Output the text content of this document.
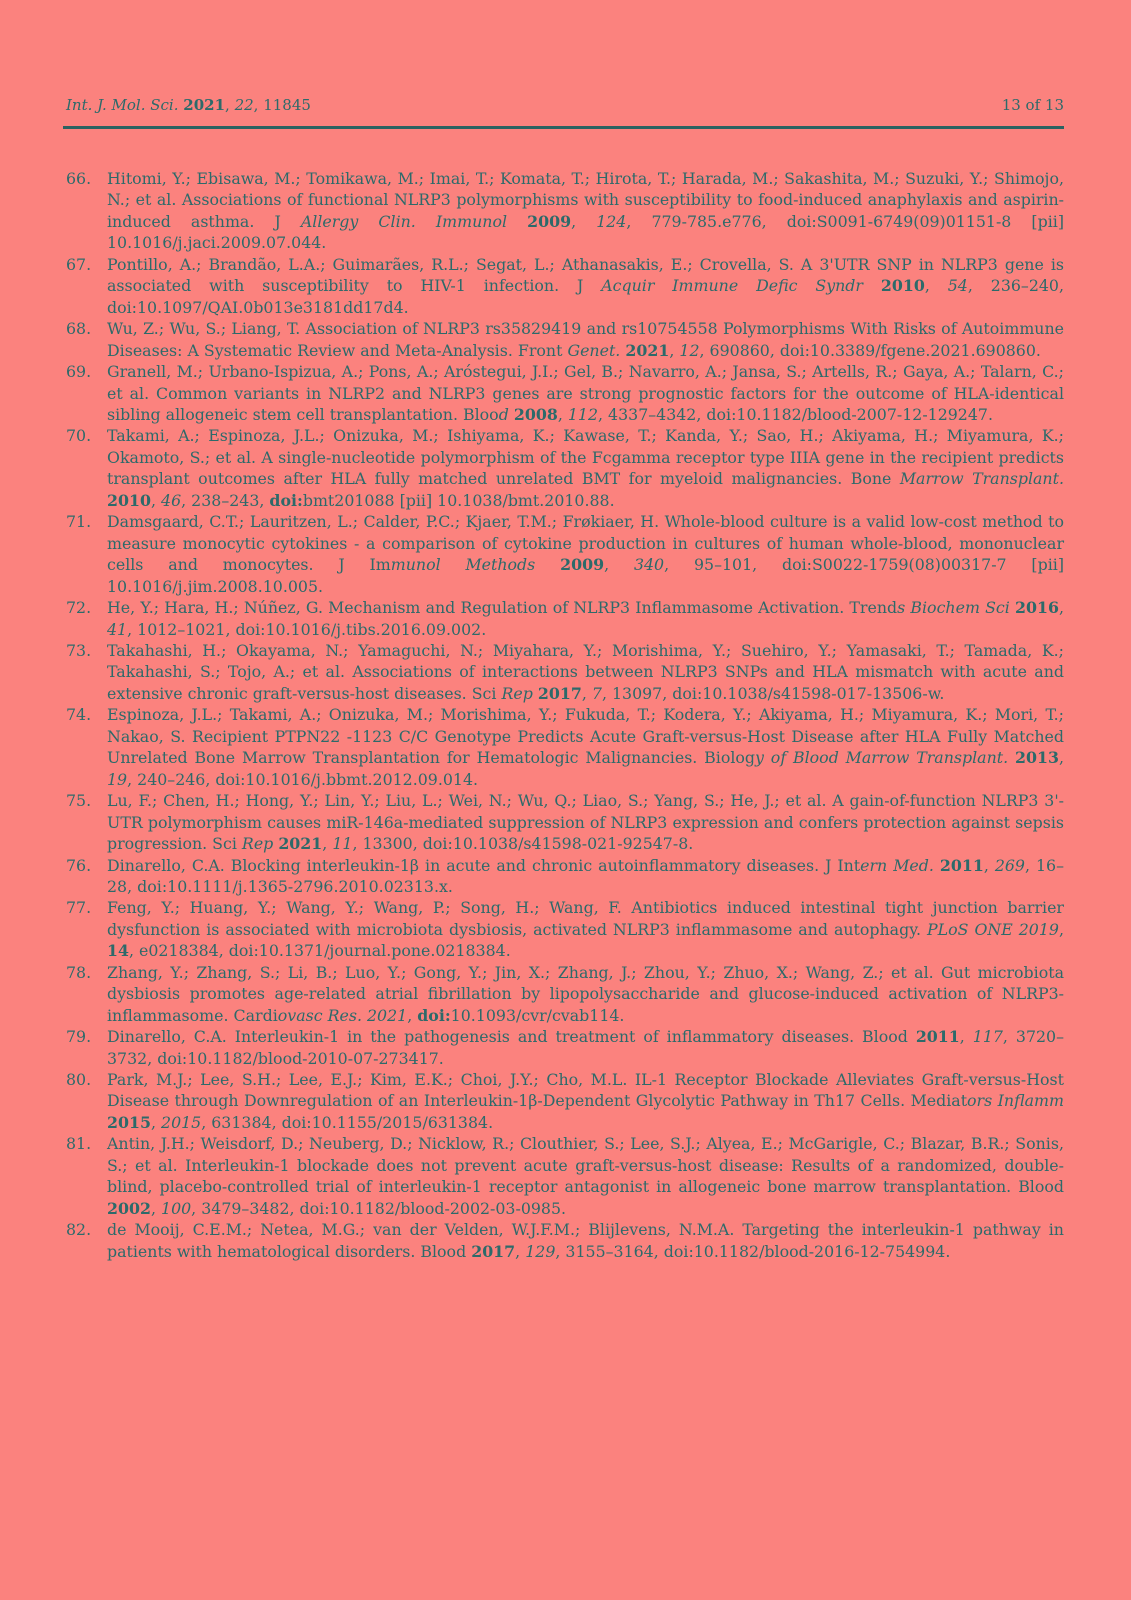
Int. J. Mol. Sci. 2021, 22, 11845	13 of 13
66. Hitomi, Y.; Ebisawa, M.; Tomikawa, M.; Imai, T.; Komata, T.; Hirota, T.; Harada, M.; Sakashita, M.; Suzuki, Y.; Shimojo, N.; et al. Associations of functional NLRP3 polymorphisms with susceptibility to food-induced anaphylaxis and aspirin-induced asthma. J Allergy Clin. Immunol 2009, 124, 779-785.e776, doi:S0091-6749(09)01151-8 [pii] 10.1016/j.jaci.2009.07.044.
67. Pontillo, A.; Brandão, L.A.; Guimarães, R.L.; Segat, L.; Athanasakis, E.; Crovella, S. A 3'UTR SNP in NLRP3 gene is associated with susceptibility to HIV-1 infection. J Acquir Immune Defic Syndr 2010, 54, 236–240, doi:10.1097/QAI.0b013e3181dd17d4.
68. Wu, Z.; Wu, S.; Liang, T. Association of NLRP3 rs35829419 and rs10754558 Polymorphisms With Risks of Autoimmune Diseases: A Systematic Review and Meta-Analysis. Front Genet. 2021, 12, 690860, doi:10.3389/fgene.2021.690860.
69. Granell, M.; Urbano-Ispizua, A.; Pons, A.; Aróstegui, J.I.; Gel, B.; Navarro, A.; Jansa, S.; Artells, R.; Gaya, A.; Talarn, C.; et al. Common variants in NLRP2 and NLRP3 genes are strong prognostic factors for the outcome of HLA-identical sibling allogeneic stem cell transplantation. Blood 2008, 112, 4337–4342, doi:10.1182/blood-2007-12-129247.
70. Takami, A.; Espinoza, J.L.; Onizuka, M.; Ishiyama, K.; Kawase, T.; Kanda, Y.; Sao, H.; Akiyama, H.; Miyamura, K.; Okamoto, S.; et al. A single-nucleotide polymorphism of the Fcgamma receptor type IIIA gene in the recipient predicts transplant outcomes after HLA fully matched unrelated BMT for myeloid malignancies. Bone Marrow Transplant. 2010, 46, 238–243, doi:bmt201088 [pii] 10.1038/bmt.2010.88.
71. Damsgaard, C.T.; Lauritzen, L.; Calder, P.C.; Kjaer, T.M.; Frøkiaer, H. Whole-blood culture is a valid low-cost method to measure monocytic cytokines - a comparison of cytokine production in cultures of human whole-blood, mononuclear cells and monocytes. J Immunol Methods 2009, 340, 95–101, doi:S0022-1759(08)00317-7 [pii] 10.1016/j.jim.2008.10.005.
72. He, Y.; Hara, H.; Núñez, G. Mechanism and Regulation of NLRP3 Inflammasome Activation. Trends Biochem Sci 2016, 41, 1012–1021, doi:10.1016/j.tibs.2016.09.002.
73. Takahashi, H.; Okayama, N.; Yamaguchi, N.; Miyahara, Y.; Morishima, Y.; Suehiro, Y.; Yamasaki, T.; Tamada, K.; Takahashi, S.; Tojo, A.; et al. Associations of interactions between NLRP3 SNPs and HLA mismatch with acute and extensive chronic graft-versus-host diseases. Sci Rep 2017, 7, 13097, doi:10.1038/s41598-017-13506-w.
74. Espinoza, J.L.; Takami, A.; Onizuka, M.; Morishima, Y.; Fukuda, T.; Kodera, Y.; Akiyama, H.; Miyamura, K.; Mori, T.; Nakao, S. Recipient PTPN22 -1123 C/C Genotype Predicts Acute Graft-versus-Host Disease after HLA Fully Matched Unrelated Bone Marrow Transplantation for Hematologic Malignancies. Biology of Blood Marrow Transplant. 2013, 19, 240–246, doi:10.1016/j.bbmt.2012.09.014.
75. Lu, F.; Chen, H.; Hong, Y.; Lin, Y.; Liu, L.; Wei, N.; Wu, Q.; Liao, S.; Yang, S.; He, J.; et al. A gain-of-function NLRP3 3'-UTR polymorphism causes miR-146a-mediated suppression of NLRP3 expression and confers protection against sepsis progression. Sci Rep 2021, 11, 13300, doi:10.1038/s41598-021-92547-8.
76. Dinarello, C.A. Blocking interleukin-1β in acute and chronic autoinflammatory diseases. J Intern Med. 2011, 269, 16–28, doi:10.1111/j.1365-2796.2010.02313.x.
77. Feng, Y.; Huang, Y.; Wang, Y.; Wang, P.; Song, H.; Wang, F. Antibiotics induced intestinal tight junction barrier dysfunction is associated with microbiota dysbiosis, activated NLRP3 inflammasome and autophagy. PLoS ONE 2019, 14, e0218384, doi:10.1371/journal.pone.0218384.
78. Zhang, Y.; Zhang, S.; Li, B.; Luo, Y.; Gong, Y.; Jin, X.; Zhang, J.; Zhou, Y.; Zhuo, X.; Wang, Z.; et al. Gut microbiota dysbiosis promotes age-related atrial fibrillation by lipopolysaccharide and glucose-induced activation of NLRP3-inflammasome. Cardiovasc Res. 2021, doi:10.1093/cvr/cvab114.
79. Dinarello, C.A. Interleukin-1 in the pathogenesis and treatment of inflammatory diseases. Blood 2011, 117, 3720–3732, doi:10.1182/blood-2010-07-273417.
80. Park, M.J.; Lee, S.H.; Lee, E.J.; Kim, E.K.; Choi, J.Y.; Cho, M.L. IL-1 Receptor Blockade Alleviates Graft-versus-Host Disease through Downregulation of an Interleukin-1β-Dependent Glycolytic Pathway in Th17 Cells. Mediators Inflamm 2015, 2015, 631384, doi:10.1155/2015/631384.
81. Antin, J.H.; Weisdorf, D.; Neuberg, D.; Nicklow, R.; Clouthier, S.; Lee, S.J.; Alyea, E.; McGarigle, C.; Blazar, B.R.; Sonis, S.; et al. Interleukin-1 blockade does not prevent acute graft-versus-host disease: Results of a randomized, double-blind, placebo-controlled trial of interleukin-1 receptor antagonist in allogeneic bone marrow transplantation. Blood 2002, 100, 3479–3482, doi:10.1182/blood-2002-03-0985.
82. de Mooij, C.E.M.; Netea, M.G.; van der Velden, W.J.F.M.; Blijlevens, N.M.A. Targeting the interleukin-1 pathway in patients with hematological disorders. Blood 2017, 129, 3155–3164, doi:10.1182/blood-2016-12-754994.
